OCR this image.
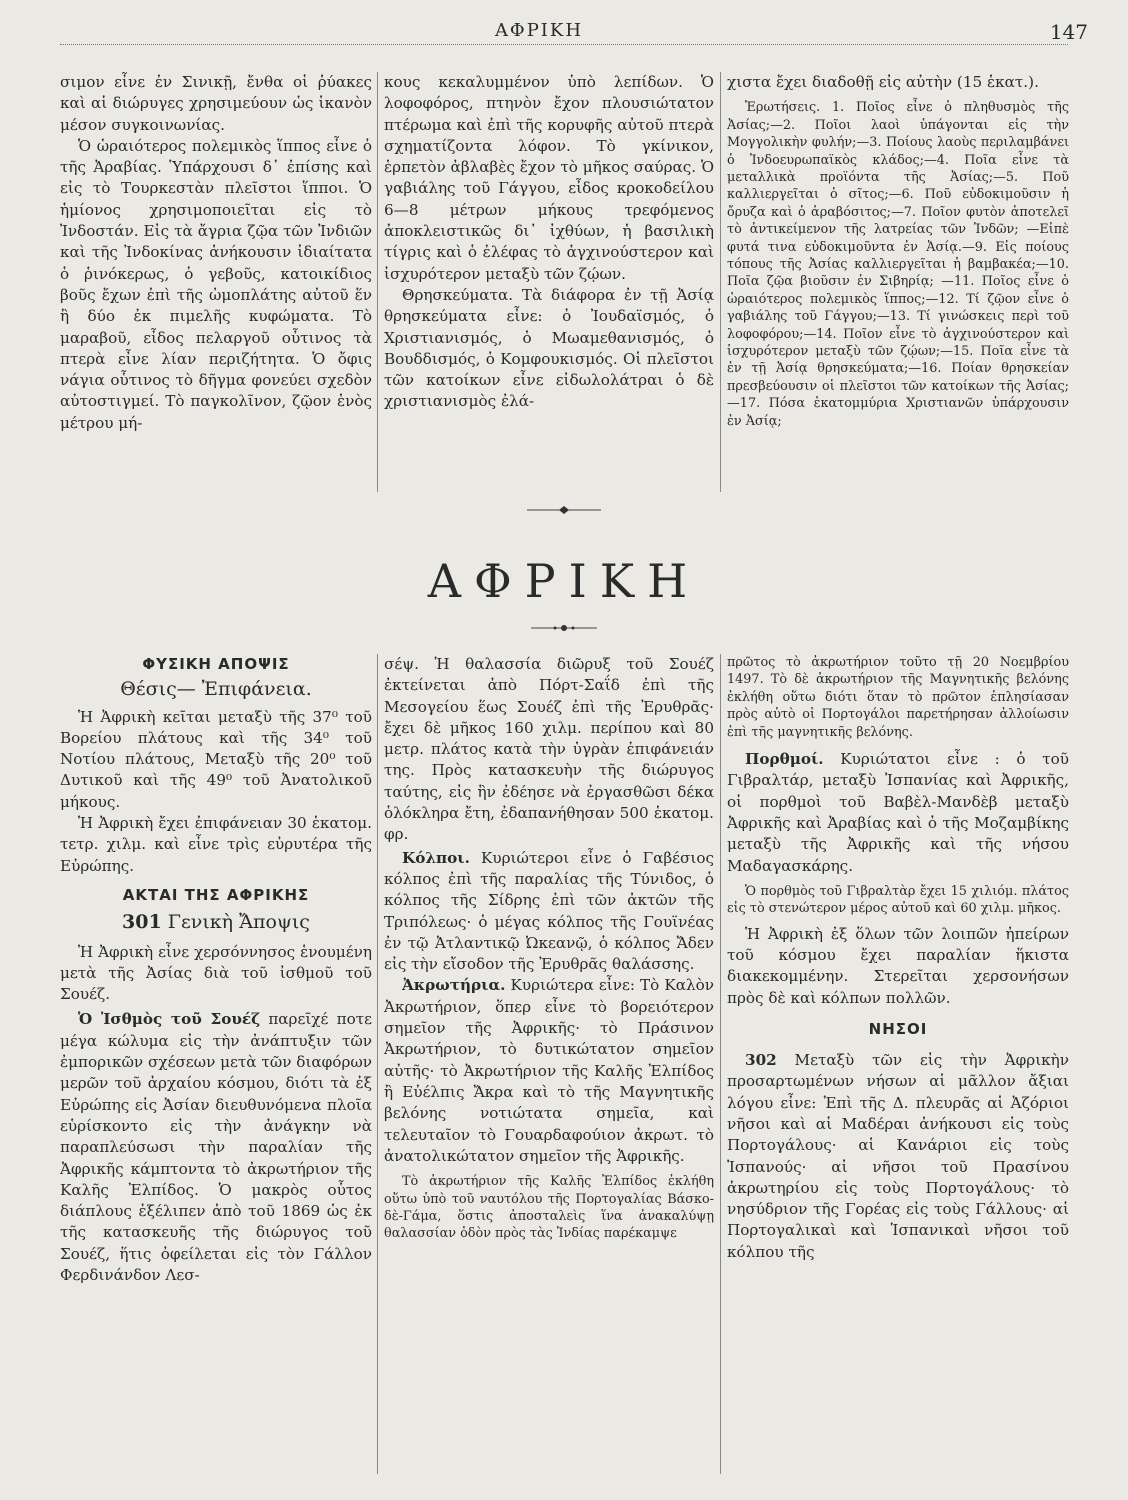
ΑΦΡΙΚΗ	147

σιμον εἶνε ἐν Σινικῇ, ἔνθα οἱ ῥύακες καὶ αἱ διώρυγες χρησιμεύουν ὡς ἱκανὸν μέσον συγκοινωνίας.

Ὁ ὡραιότερος πολεμικὸς ἵππος εἶνε ὁ τῆς Ἀραβίας. Ὑπάρχουσι δ᾽ ἐπίσης καὶ εἰς τὸ Τουρκεστὰν πλεῖστοι ἵπποι. Ὁ ἡμίονος χρησιμοποιεῖται εἰς τὸ Ἰνδοστάν. Εἰς τὰ ἄγρια ζῷα τῶν Ἰνδιῶν καὶ τῆς Ἰνδοκίνας ἀνήκουσιν ἰδιαίτατα ὁ ῥινόκερως, ὁ γεβοῦς, κατοικίδιος βοῦς ἔχων ἐπὶ τῆς ὠμοπλάτης αὐτοῦ ἕν ἢ δύο ἐκ πιμελῆς κυφώματα. Τὸ μαραβοῦ, εἶδος πελαργοῦ οὗτινος τὰ πτερὰ εἶνε λίαν περιζήτητα. Ὁ ὄφις νάγια οὗτινος τὸ δῆγμα φονεύει σχεδὸν αὐτοστιγμεί. Τὸ παγκολῖνον, ζῷον ἑνὸς μέτρου μή-

κους κεκαλυμμένον ὑπὸ λεπίδων. Ὁ λοφοφόρος, πτηνὸν ἔχον πλουσιώτατον πτέρωμα καὶ ἐπὶ τῆς κορυφῆς αὐτοῦ πτερὰ σχηματίζοντα λόφον. Τὸ γκίνικον, ἑρπετὸν ἀβλαβὲς ἔχον τὸ μῆκος σαύρας. Ὁ γαβιάλης τοῦ Γάγγου, εἶδος κροκοδείλου 6—8 μέτρων μήκους τρεφόμενος ἀποκλειστικῶς δι᾽ ἰχθύων, ἡ βασιλικὴ τίγρις καὶ ὁ ἐλέφας τὸ ἀγχινούστερον καὶ ἰσχυρότερον μεταξὺ τῶν ζῴων.

Θρησκεύματα. Τὰ διάφορα ἐν τῇ Ἀσίᾳ θρησκεύματα εἶνε: ὁ Ἰουδαϊσμός, ὁ Χριστιανισμός, ὁ Μωαμεθανισμός, ὁ Βουδδισμός, ὁ Κομφουκισμός. Οἱ πλεῖστοι τῶν κατοίκων εἶνε εἰδωλολάτραι ὁ δὲ χριστιανισμὸς ἐλά-

χιστα ἔχει διαδοθῇ εἰς αὐτὴν (15 ἑκατ.).

Ἐρωτήσεις. 1. Ποῖος εἶνε ὁ πληθυσμὸς τῆς Ἀσίας;—2. Ποῖοι λαοὶ ὑπάγονται εἰς τὴν Μογγολικὴν φυλήν;—3. Ποίους λαοὺς περιλαμβάνει ὁ Ἰνδοευρωπαϊκὸς κλάδος;—4. Ποῖα εἶνε τὰ μεταλλικὰ προϊόντα τῆς Ἀσίας;—5. Ποῦ καλλιεργεῖται ὁ σῖτος;—6. Ποῦ εὐδοκιμοῦσιν ἡ ὄρυζα καὶ ὁ ἀραβόσιτος;—7. Ποῖον φυτὸν ἀποτελεῖ τὸ ἀντικείμενον τῆς λατρείας τῶν Ἰνδῶν; —Εἰπὲ φυτά τινα εὐδοκιμοῦντα ἐν Ἀσίᾳ.—9. Εἰς ποίους τόπους τῆς Ἀσίας καλλιεργεῖται ἡ βαμβακέα;—10. Ποῖα ζῷα βιοῦσιν ἐν Σιβηρίᾳ; —11. Ποῖος εἶνε ὁ ὡραιότερος πολεμικὸς ἵππος;—12. Τί ζῷον εἶνε ὁ γαβιάλης τοῦ Γάγγου;—13. Τί γινώσκεις περὶ τοῦ λοφοφόρου;—14. Ποῖον εἶνε τὸ ἀγχινούστερον καὶ ἰσχυρότερον μεταξὺ τῶν ζῴων;—15. Ποῖα εἶνε τὰ ἐν τῇ Ἀσίᾳ θρησκεύματα;—16. Ποίαν θρησκείαν πρεσβεύουσιν οἱ πλεῖστοι τῶν κατοίκων τῆς Ἀσίας;—17. Πόσα ἑκατομμύρια Χριστιανῶν ὑπάρχουσιν ἐν Ἀσίᾳ;

ΑΦΡΙΚΗ

ΦΥΣΙΚΗ ΑΠΟΨΙΣ

Θέσις— Ἐπιφάνεια.

Ἡ Ἀφρικὴ κεῖται μεταξὺ τῆς 37⁰ τοῦ Βορείου πλάτους καὶ τῆς 34⁰ τοῦ Νοτίου πλάτους, Μεταξὺ τῆς 20⁰ τοῦ Δυτικοῦ καὶ τῆς 49⁰ τοῦ Ἀνατολικοῦ μήκους.

Ἡ Ἀφρικὴ ἔχει ἐπιφάνειαν 30 ἑκατομ. τετρ. χιλμ. καὶ εἶνε τρὶς εὐρυτέρα τῆς Εὐρώπης.

ΑΚΤΑΙ ΤΗΣ ΑΦΡΙΚΗΣ

301 Γενικὴ Ἄποψις

Ἡ Ἀφρικὴ εἶνε χερσόννησος ἑνουμένη μετὰ τῆς Ἀσίας διὰ τοῦ ἰσθμοῦ τοῦ Σουέζ.

Ὁ Ἰσθμὸς τοῦ Σουέζ παρεῖχέ ποτε μέγα κώλυμα εἰς τὴν ἀνάπτυξιν τῶν ἐμπορικῶν σχέσεων μετὰ τῶν διαφόρων μερῶν τοῦ ἀρχαίου κόσμου, διότι τὰ ἐξ Εὐρώπης εἰς Ἀσίαν διευθυνόμενα πλοῖα εὑρίσκοντο εἰς τὴν ἀνάγκην νὰ παραπλεύσωσι τὴν παραλίαν τῆς Ἀφρικῆς κάμπτοντα τὸ ἀκρωτήριον τῆς Καλῆς Ἐλπίδος. Ὁ μακρὸς οὗτος διάπλους ἐξέλιπεν ἀπὸ τοῦ 1869 ὡς ἐκ τῆς κατασκευῆς τῆς διώρυγος τοῦ Σουέζ, ἥτις ὀφείλεται εἰς τὸν Γάλλον Φερδινάνδον Λεσ-

σέψ. Ἡ θαλασσία διῶρυξ τοῦ Σουέζ ἐκτείνεται ἀπὸ Πόρτ-Σαΐδ ἐπὶ τῆς Μεσογείου ἕως Σουέζ ἐπὶ τῆς Ἐρυθρᾶς· ἔχει δὲ μῆκος 160 χιλμ. περίπου καὶ 80 μετρ. πλάτος κατὰ τὴν ὑγρὰν ἐπιφάνειάν της. Πρὸς κατασκευὴν τῆς διώρυγος ταύτης, εἰς ἣν ἐδέησε νὰ ἐργασθῶσι δέκα ὁλόκληρα ἔτη, ἐδαπανήθησαν 500 ἑκατομ. φρ.

Κόλποι. Κυριώτεροι εἶνε ὁ Γαβέσιος κόλπος ἐπὶ τῆς παραλίας τῆς Τύνιδος, ὁ κόλπος τῆς Σίδρης ἐπὶ τῶν ἀκτῶν τῆς Τριπόλεως· ὁ μέγας κόλπος τῆς Γουϊνέας ἐν τῷ Ἀτλαντικῷ Ὠκεανῷ, ὁ κόλπος Ἄδεν εἰς τὴν εἴσοδον τῆς Ἐρυθρᾶς θαλάσσης.

Ἀκρωτήρια. Κυριώτερα εἶνε: Τὸ Καλὸν Ἀκρωτήριον, ὅπερ εἶνε τὸ βορειότερον σημεῖον τῆς Ἀφρικῆς· τὸ Πράσινον Ἀκρωτήριον, τὸ δυτικώτατον σημεῖον αὐτῆς· τὸ Ἀκρωτήριον τῆς Καλῆς Ἐλπίδος ἢ Εὐέλπις Ἄκρα καὶ τὸ τῆς Μαγνητικῆς βελόνης νοτιώτατα σημεῖα, καὶ τελευταῖον τὸ Γουαρδαφούιον ἀκρωτ. τὸ ἀνατολικώτατον σημεῖον τῆς Ἀφρικῆς.

Τὸ ἀκρωτήριον τῆς Καλῆς Ἐλπίδος ἐκλήθη οὕτω ὑπὸ τοῦ ναυτόλου τῆς Πορτογαλίας Βάσκο-δὲ-Γάμα, ὅστις ἀποσταλεὶς ἵνα ἀνακαλύψῃ θαλασσίαν ὁδὸν πρὸς τὰς Ἰνδίας παρέκαμψε

πρῶτος τὸ ἀκρωτήριον τοῦτο τῇ 20 Νοεμβρίου 1497. Τὸ δὲ ἀκρωτήριον τῆς Μαγνητικῆς βελόνης ἐκλήθη οὕτω διότι ὅταν τὸ πρῶτον ἐπλησίασαν πρὸς αὐτὸ οἱ Πορτογάλοι παρετήρησαν ἀλλοίωσιν ἐπὶ τῆς μαγνητικῆς βελόνης.

Πορθμοί. Κυριώτατοι εἶνε : ὁ τοῦ Γιβραλτάρ, μεταξὺ Ἰσπανίας καὶ Ἀφρικῆς, οἱ πορθμοὶ τοῦ Βαβὲλ-Μανδὲβ μεταξὺ Ἀφρικῆς καὶ Ἀραβίας καὶ ὁ τῆς Μοζαμβίκης μεταξὺ τῆς Ἀφρικῆς καὶ τῆς νήσου Μαδαγασκάρης.

Ὁ πορθμὸς τοῦ Γιβραλτὰρ ἔχει 15 χιλιόμ. πλάτος εἰς τὸ στενώτερον μέρος αὐτοῦ καὶ 60 χιλμ. μῆκος.

Ἡ Ἀφρικὴ ἐξ ὅλων τῶν λοιπῶν ἠπείρων τοῦ κόσμου ἔχει παραλίαν ἥκιστα διακεκομμένην. Στερεῖται χερσονήσων πρὸς δὲ καὶ κόλπων πολλῶν.

ΝΗΣΟΙ

302 Μεταξὺ τῶν εἰς τὴν Ἀφρικὴν προσαρτωμένων νήσων αἱ μᾶλλον ἄξιαι λόγου εἶνε: Ἐπὶ τῆς Δ. πλευρᾶς αἱ Ἀζόριοι νῆσοι καὶ αἱ Μαδέραι ἀνήκουσι εἰς τοὺς Πορτογάλους· αἱ Κανάριοι εἰς τοὺς Ἰσπανούς· αἱ νῆσοι τοῦ Πρασίνου ἀκρωτηρίου εἰς τοὺς Πορτογάλους· τὸ νησύδριον τῆς Γορέας εἰς τοὺς Γάλλους· αἱ Πορτογαλικαὶ καὶ Ἱσπανικαὶ νῆσοι τοῦ κόλπου τῆς
